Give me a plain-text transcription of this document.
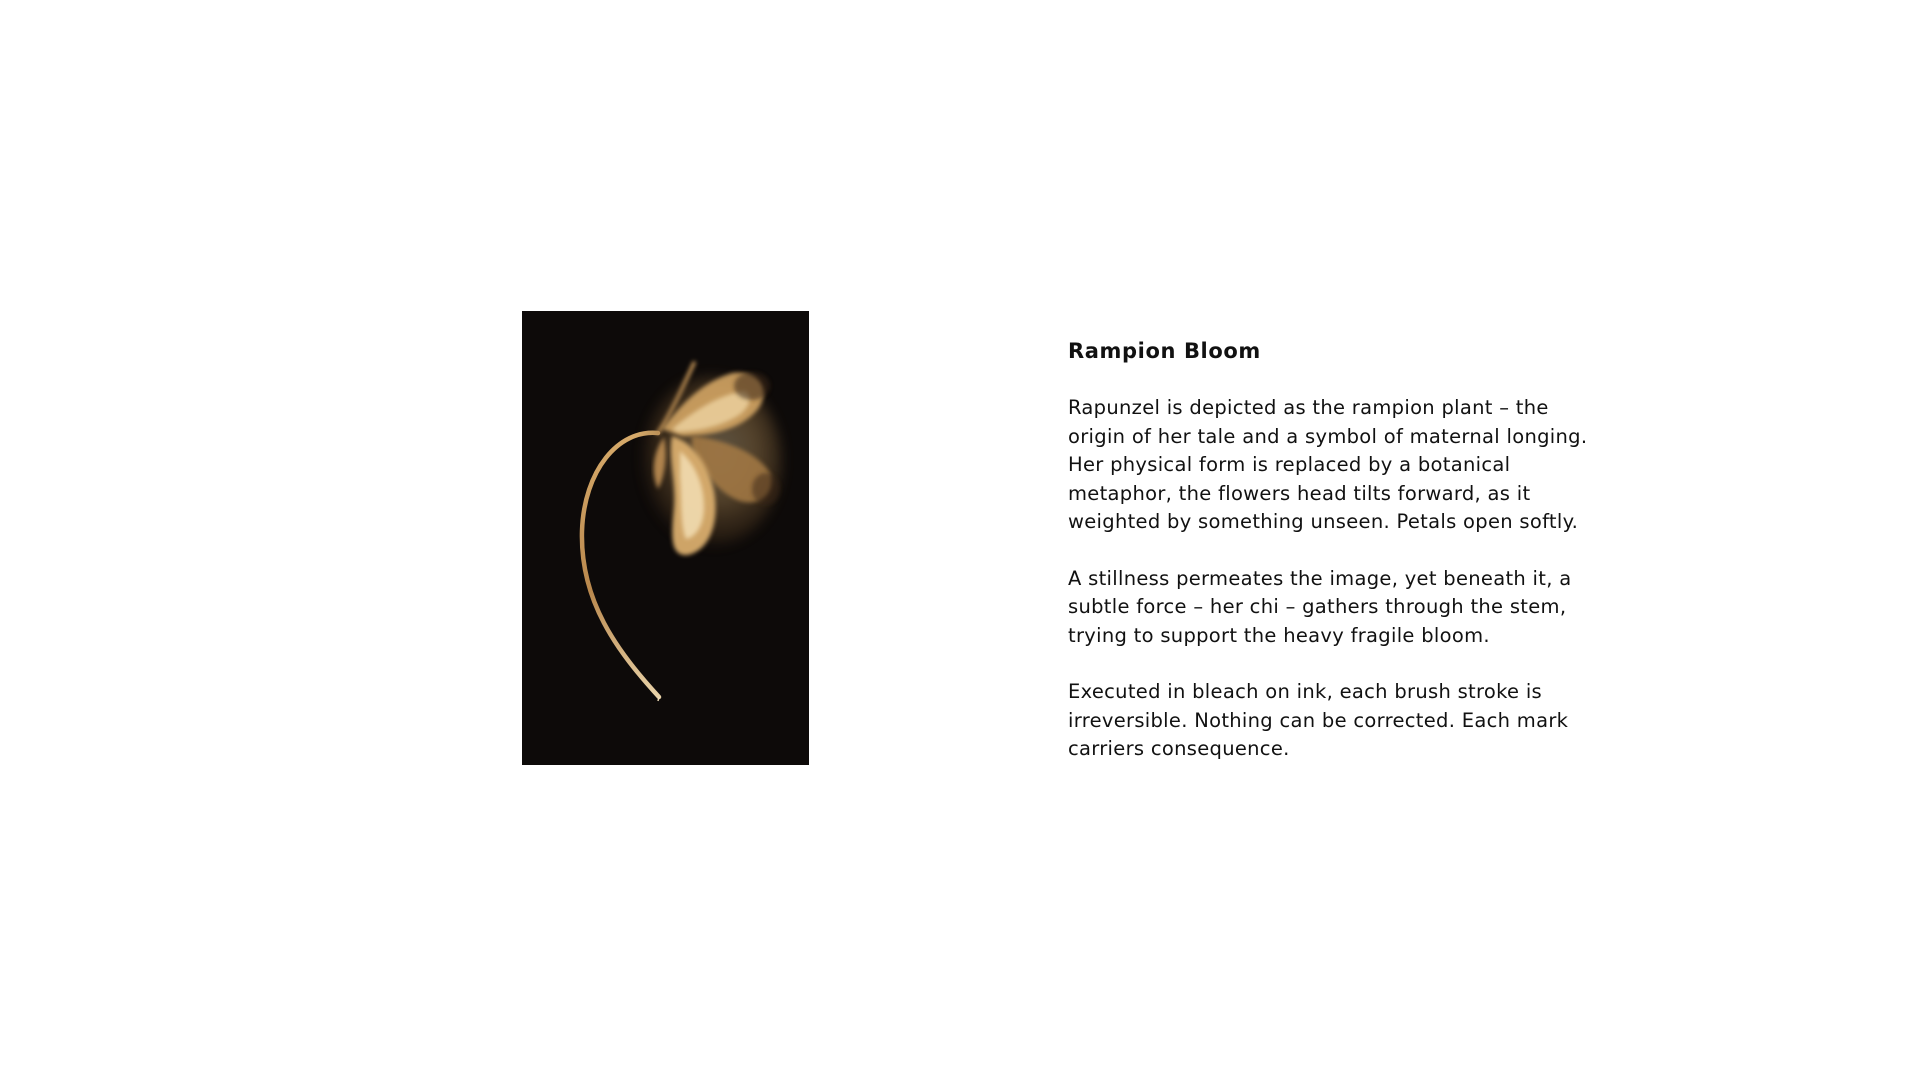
Rampion Bloom

Rapunzel is depicted as the rampion plant – the
origin of her tale and a symbol of maternal longing.
Her physical form is replaced by a botanical
metaphor, the flowers head tilts forward, as it
weighted by something unseen. Petals open softly.

A stillness permeates the image, yet beneath it, a
subtle force – her chi – gathers through the stem,
trying to support the heavy fragile bloom.

Executed in bleach on ink, each brush stroke is
irreversible. Nothing can be corrected. Each mark
carriers consequence.
